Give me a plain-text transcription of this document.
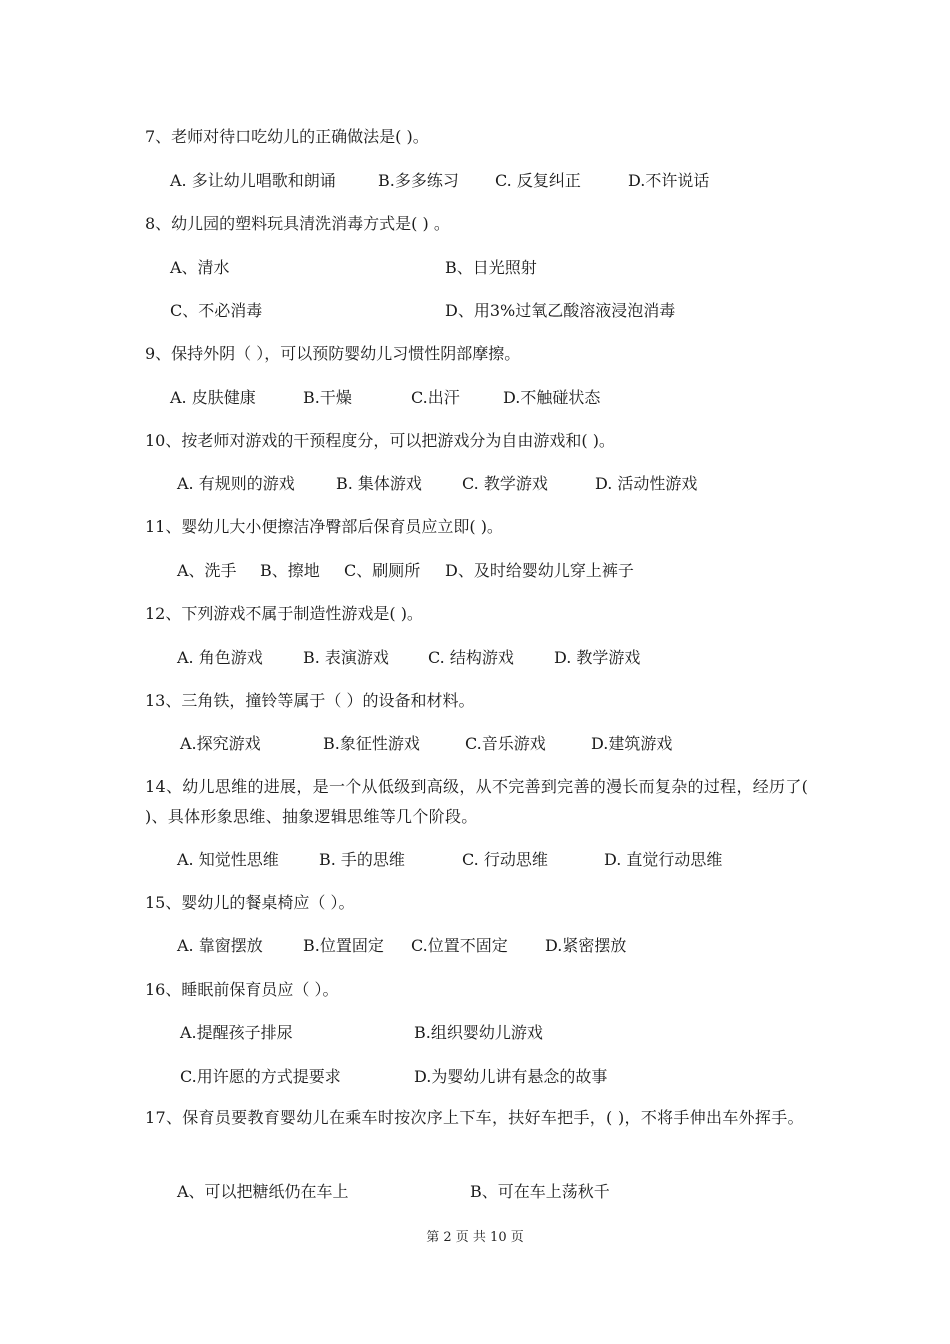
7、老师对待口吃幼儿的正确做法是( )。
A. 多让幼儿唱歌和朗诵	B.多多练习 C. 反复纠正	D.不许说话
8、幼儿园的塑料玩具清洗消毒方式是( ) 。
A、清水	B、日光照射
C、不必消毒	D、用3%过氧乙酸溶液浸泡消毒
9、保持外阴（ ），可以预防婴幼儿习惯性阴部摩擦。
A. 皮肤健康	B.干燥	C.出汗	D.不触碰状态
10、按老师对游戏的干预程度分，可以把游戏分为自由游戏和( )。
A. 有规则的游戏	B. 集体游戏	C. 教学游戏	D. 活动性游戏
11、婴幼儿大小便擦洁净臀部后保育员应立即( )。
A、洗手 B、擦地 C、刷厕所 D、及时给婴幼儿穿上裤子
12、下列游戏不属于制造性游戏是( )。
A. 角色游戏	B. 表演游戏 C. 结构游戏	D. 教学游戏
13、三角铁，撞铃等属于（ ）的设备和材料。
A.探究游戏	B.象征性游戏	C.音乐游戏	D.建筑游戏
14、幼儿思维的进展，是一个从低级到高级，从不完善到完善的漫长而复杂的过程，经历了( )、具体形象思维、抽象逻辑思维等几个阶段。
A. 知觉性思维	B. 手的思维	C. 行动思维	D. 直觉行动思维
15、婴幼儿的餐桌椅应（ ）。
A. 靠窗摆放	B.位置固定 C.位置不固定 D.紧密摆放
16、睡眠前保育员应（ ）。
A.提醒孩子排尿	B.组织婴幼儿游戏
C.用许愿的方式提要求	D.为婴幼儿讲有悬念的故事
17、保育员要教育婴幼儿在乘车时按次序上下车，扶好车把手，( )，不将手伸出车外挥手。
A、可以把糖纸仍在车上	B、可在车上荡秋千
第 2 页 共 10 页
